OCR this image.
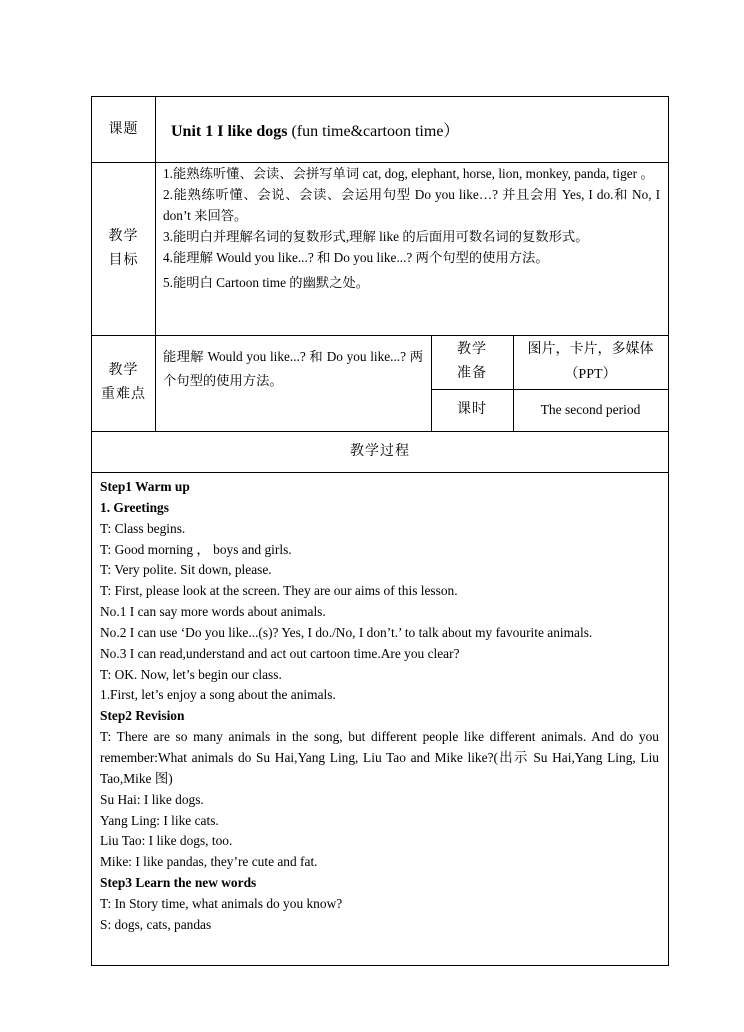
课题 Unit 1 I like dogs (fun time&cartoon time）
教学
目标

1.能熟练听懂、会读、会拼写单词 cat, dog, elephant, horse, lion, monkey, panda, tiger 。

2.能熟练听懂、会说、会读、会运用句型 Do you like…? 并且会用 Yes, I do.和 No, I don’t 来回答。

3.能明白并理解名词的复数形式,理解 like 的后面用可数名词的复数形式。

4.能理解 Would you like...? 和 Do you like...? 两个句型的使用方法。

5.能明白 Cartoon time 的幽默之处。

教学
重难点
能理解 Would you like...? 和 Do you like...? 两个句型的使用方法。
教学
准备
图片，卡片，多媒体（PPT）
课时	The second period
教学过程

Step1 Warm up

1. Greetings

T: Class begins.

T: Good morning ， boys and girls.

T: Very polite. Sit down, please.

T: First, please look at the screen. They are our aims of this lesson.

No.1 I can say more words about animals.

No.2 I can use ‘Do you like...(s)? Yes, I do./No, I don’t.’ to talk about my favourite animals.

No.3 I can read,understand and act out cartoon time.Are you clear?

T: OK. Now, let’s begin our class.

1.First, let’s enjoy a song about the animals.

Step2 Revision

T: There are so many animals in the song, but different people like different animals. And do you remember:What animals do Su Hai,Yang Ling, Liu Tao and Mike like?(出示 Su Hai,Yang Ling, Liu Tao,Mike 图)

Su Hai: I like dogs.

Yang Ling: I like cats.

Liu Tao: I like dogs, too.

Mike: I like pandas, they’re cute and fat.

Step3 Learn the new words

T: In Story time, what animals do you know?

S: dogs, cats, pandas
